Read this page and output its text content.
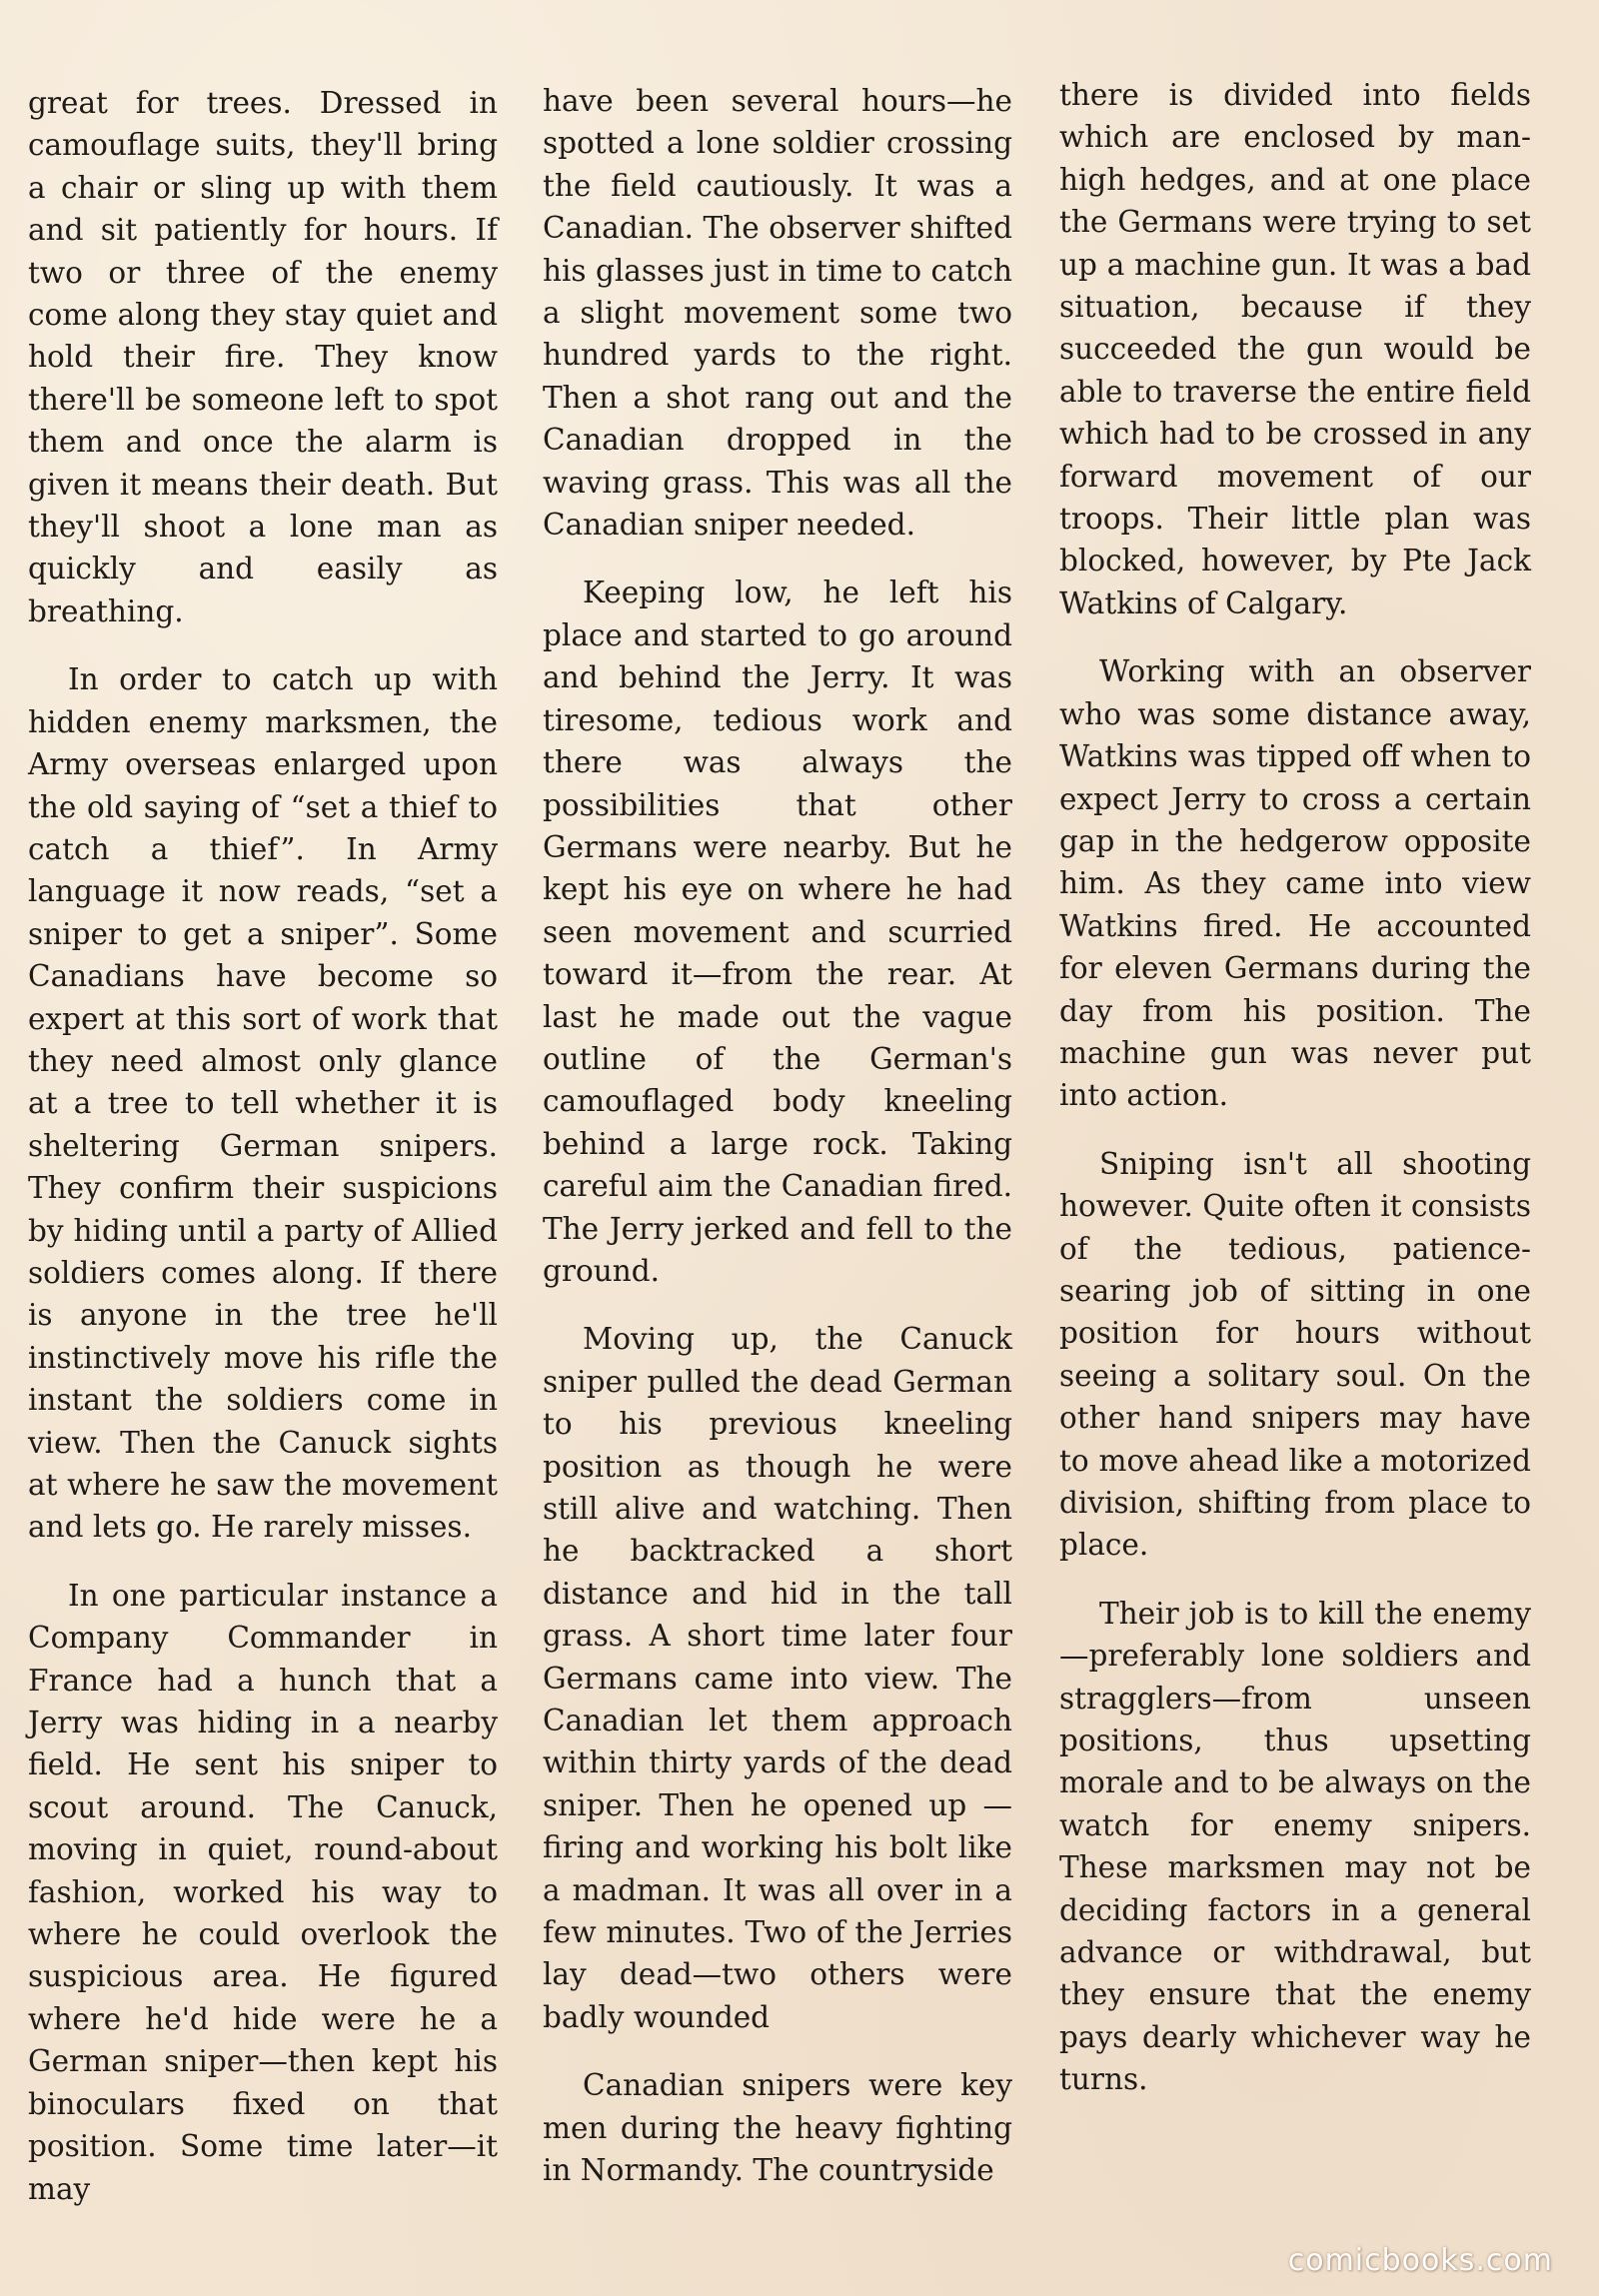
great for trees. Dressed in camouflage suits, they'll bring a chair or sling up with them and sit patiently for hours. If two or three of the enemy come along they stay quiet and hold their fire. They know there'll be someone left to spot them and once the alarm is given it means their death. But they'll shoot a lone man as quickly and easily as breathing.

In order to catch up with hidden enemy marksmen, the Army overseas enlarged upon the old saying of “set a thief to catch a thief”. In Army language it now reads, “set a sniper to get a sniper”. Some Canadians have become so expert at this sort of work that they need almost only glance at a tree to tell whether it is sheltering German snipers. They confirm their suspicions by hiding until a party of Allied soldiers comes along. If there is anyone in the tree he'll instinctively move his rifle the instant the soldiers come in view. Then the Canuck sights at where he saw the movement and lets go. He rarely misses.

In one particular instance a Company Commander in France had a hunch that a Jerry was hiding in a nearby field. He sent his sniper to scout around. The Canuck, moving in quiet, round-about fashion, worked his way to where he could overlook the suspicious area. He figured where he'd hide were he a German sniper—then kept his binoculars fixed on that position. Some time later—it may

have been several hours—he spotted a lone soldier crossing the field cautiously. It was a Canadian. The observer shifted his glasses just in time to catch a slight movement some two hundred yards to the right. Then a shot rang out and the Canadian dropped in the waving grass. This was all the Canadian sniper needed.

Keeping low, he left his place and started to go around and behind the Jerry. It was tiresome, tedious work and there was always the possibilities that other Germans were nearby. But he kept his eye on where he had seen movement and scurried toward it—from the rear. At last he made out the vague outline of the German's camouflaged body kneeling behind a large rock. Taking careful aim the Canadian fired. The Jerry jerked and fell to the ground.

Moving up, the Canuck sniper pulled the dead German to his previous kneeling position as though he were still alive and watching. Then he backtracked a short distance and hid in the tall grass. A short time later four Germans came into view. The Canadian let them approach within thirty yards of the dead sniper. Then he opened up — firing and working his bolt like a madman. It was all over in a few minutes. Two of the Jerries lay dead—two others were badly wounded

Canadian snipers were key men during the heavy fighting in Normandy. The countryside

there is divided into fields which are enclosed by man-high hedges, and at one place the Germans were trying to set up a machine gun. It was a bad situation, because if they succeeded the gun would be able to traverse the entire field which had to be crossed in any forward movement of our troops. Their little plan was blocked, however, by Pte Jack Watkins of Calgary.

Working with an observer who was some distance away, Watkins was tipped off when to expect Jerry to cross a certain gap in the hedgerow opposite him. As they came into view Watkins fired. He accounted for eleven Germans during the day from his position. The machine gun was never put into action.

Sniping isn't all shooting however. Quite often it consists of the tedious, patience-searing job of sitting in one position for hours without seeing a solitary soul. On the other hand snipers may have to move ahead like a motorized division, shifting from place to place.

Their job is to kill the enemy—preferably lone soldiers and stragglers—from unseen positions, thus upsetting morale and to be always on the watch for enemy snipers. These marksmen may not be deciding factors in a general advance or withdrawal, but they ensure that the enemy pays dearly whichever way he turns.

comicbooks.com
